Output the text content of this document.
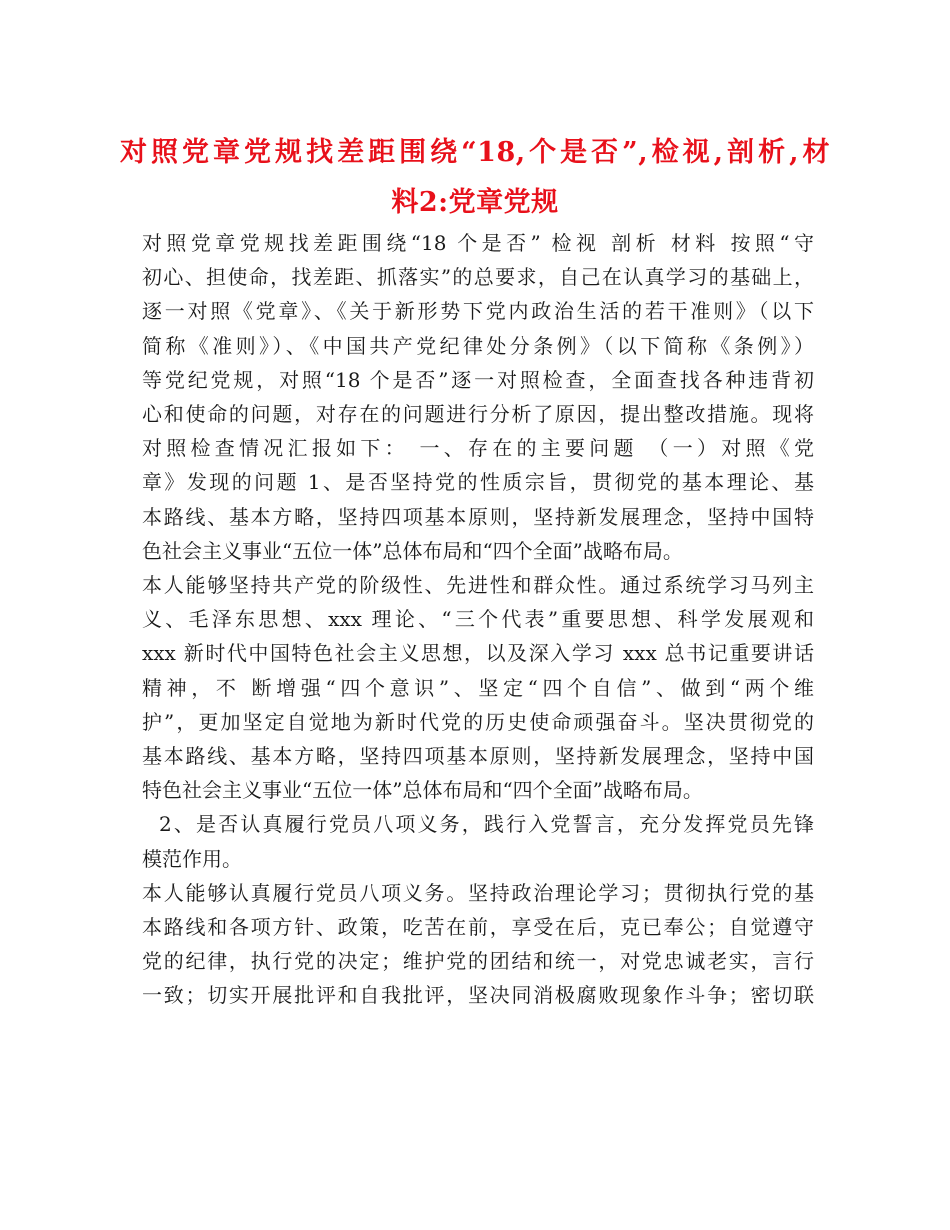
对照党章党规找差距围绕“18,个是否”,检视,剖析,材
料2:党章党规
对照党章党规找差距围绕“18 个是否” 检视 剖析 材料 按照“守
初心、担使命，找差距、抓落实”的总要求，自己在认真学习的基础上，
逐一对照《党章》、《关于新形势下党内政治生活的若干准则》（以下
简称《准则》）、《中国共产党纪律处分条例》（以下简称《条例》）
等党纪党规，对照“18 个是否”逐一对照检查，全面查找各种违背初
心和使命的问题，对存在的问题进行分析了原因，提出整改措施。现将
对照检查情况汇报如下： 一、存在的主要问题 （一）对照《党
章》发现的问题 1、是否坚持党的性质宗旨，贯彻党的基本理论、基
本路线、基本方略，坚持四项基本原则，坚持新发展理念，坚持中国特
色社会主义事业“五位一体”总体布局和“四个全面”战略布局。
本人能够坚持共产党的阶级性、先进性和群众性。通过系统学习马列主
义、毛泽东思想、xxx 理论、“三个代表”重要思想、科学发展观和
xxx 新时代中国特色社会主义思想，以及深入学习 xxx 总书记重要讲话
精神，不 断增强“四个意识”、坚定“四个自信”、做到“两个维
护”，更加坚定自觉地为新时代党的历史使命顽强奋斗。坚决贯彻党的
基本路线、基本方略，坚持四项基本原则，坚持新发展理念，坚持中国
特色社会主义事业“五位一体”总体布局和“四个全面”战略布局。
2、是否认真履行党员八项义务，践行入党誓言，充分发挥党员先锋
模范作用。
本人能够认真履行党员八项义务。坚持政治理论学习；贯彻执行党的基
本路线和各项方针、政策，吃苦在前，享受在后，克已奉公；自觉遵守
党的纪律，执行党的决定；维护党的团结和统一，对党忠诚老实，言行
一致；切实开展批评和自我批评，坚决同消极腐败现象作斗争；密切联
